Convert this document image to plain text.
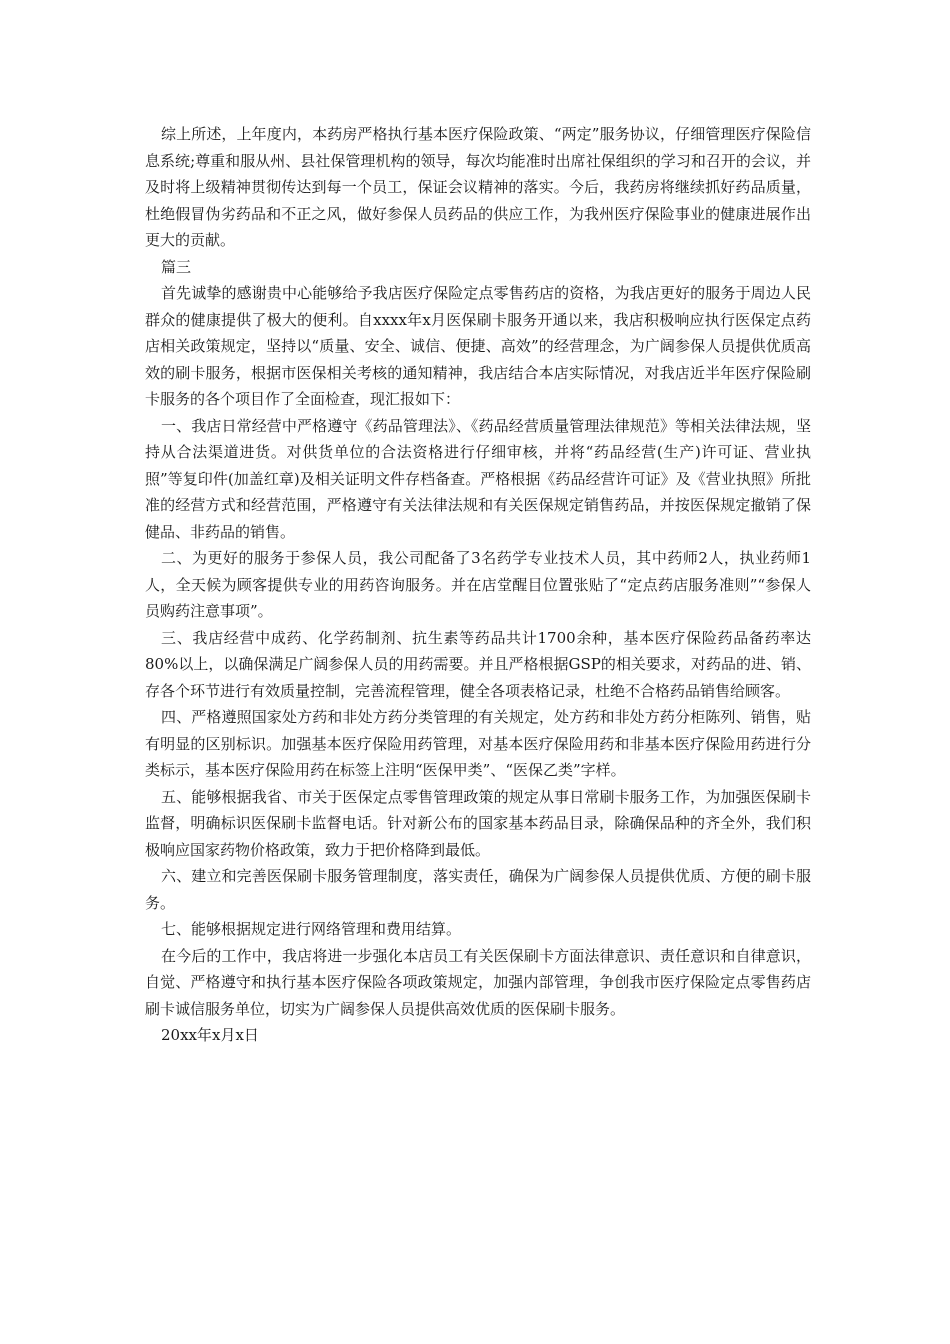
综上所述，上年度内，本药房严格执行基本医疗保险政策、“两定”服务协议，仔细管理医疗保险信息系统;尊重和服从州、县社保管理机构的领导，每次均能准时出席社保组织的学习和召开的会议，并及时将上级精神贯彻传达到每一个员工，保证会议精神的落实。今后，我药房将继续抓好药品质量，杜绝假冒伪劣药品和不正之风，做好参保人员药品的供应工作，为我州医疗保险事业的健康进展作出更大的贡献。

篇三

首先诚挚的感谢贵中心能够给予我店医疗保险定点零售药店的资格，为我店更好的服务于周边人民群众的健康提供了极大的便利。自xxxx年x月医保刷卡服务开通以来，我店积极响应执行医保定点药店相关政策规定，坚持以“质量、安全、诚信、便捷、高效”的经营理念，为广阔参保人员提供优质高效的刷卡服务，根据市医保相关考核的通知精神，我店结合本店实际情况，对我店近半年医疗保险刷卡服务的各个项目作了全面检查，现汇报如下：

一、我店日常经营中严格遵守《药品管理法》、《药品经营质量管理法律规范》等相关法律法规，坚持从合法渠道进货。对供货单位的合法资格进行仔细审核，并将“药品经营(生产)许可证、营业执照”等复印件(加盖红章)及相关证明文件存档备查。严格根据《药品经营许可证》及《营业执照》所批准的经营方式和经营范围，严格遵守有关法律法规和有关医保规定销售药品，并按医保规定撤销了保健品、非药品的销售。

二、为更好的服务于参保人员，我公司配备了3名药学专业技术人员，其中药师2人，执业药师1人，全天候为顾客提供专业的用药咨询服务。并在店堂醒目位置张贴了“定点药店服务准则”“参保人员购药注意事项”。

三、我店经营中成药、化学药制剂、抗生素等药品共计1700余种，基本医疗保险药品备药率达80%以上，以确保满足广阔参保人员的用药需要。并且严格根据GSP的相关要求，对药品的进、销、存各个环节进行有效质量控制，完善流程管理，健全各项表格记录，杜绝不合格药品销售给顾客。

四、严格遵照国家处方药和非处方药分类管理的有关规定，处方药和非处方药分柜陈列、销售，贴有明显的区别标识。加强基本医疗保险用药管理，对基本医疗保险用药和非基本医疗保险用药进行分类标示，基本医疗保险用药在标签上注明“医保甲类”、“医保乙类”字样。

五、能够根据我省、市关于医保定点零售管理政策的规定从事日常刷卡服务工作，为加强医保刷卡监督，明确标识医保刷卡监督电话。针对新公布的国家基本药品目录，除确保品种的齐全外，我们积极响应国家药物价格政策，致力于把价格降到最低。

六、建立和完善医保刷卡服务管理制度，落实责任，确保为广阔参保人员提供优质、方便的刷卡服务。

七、能够根据规定进行网络管理和费用结算。

在今后的工作中，我店将进一步强化本店员工有关医保刷卡方面法律意识、责任意识和自律意识，自觉、严格遵守和执行基本医疗保险各项政策规定，加强内部管理，争创我市医疗保险定点零售药店刷卡诚信服务单位，切实为广阔参保人员提供高效优质的医保刷卡服务。

20xx年x月x日
